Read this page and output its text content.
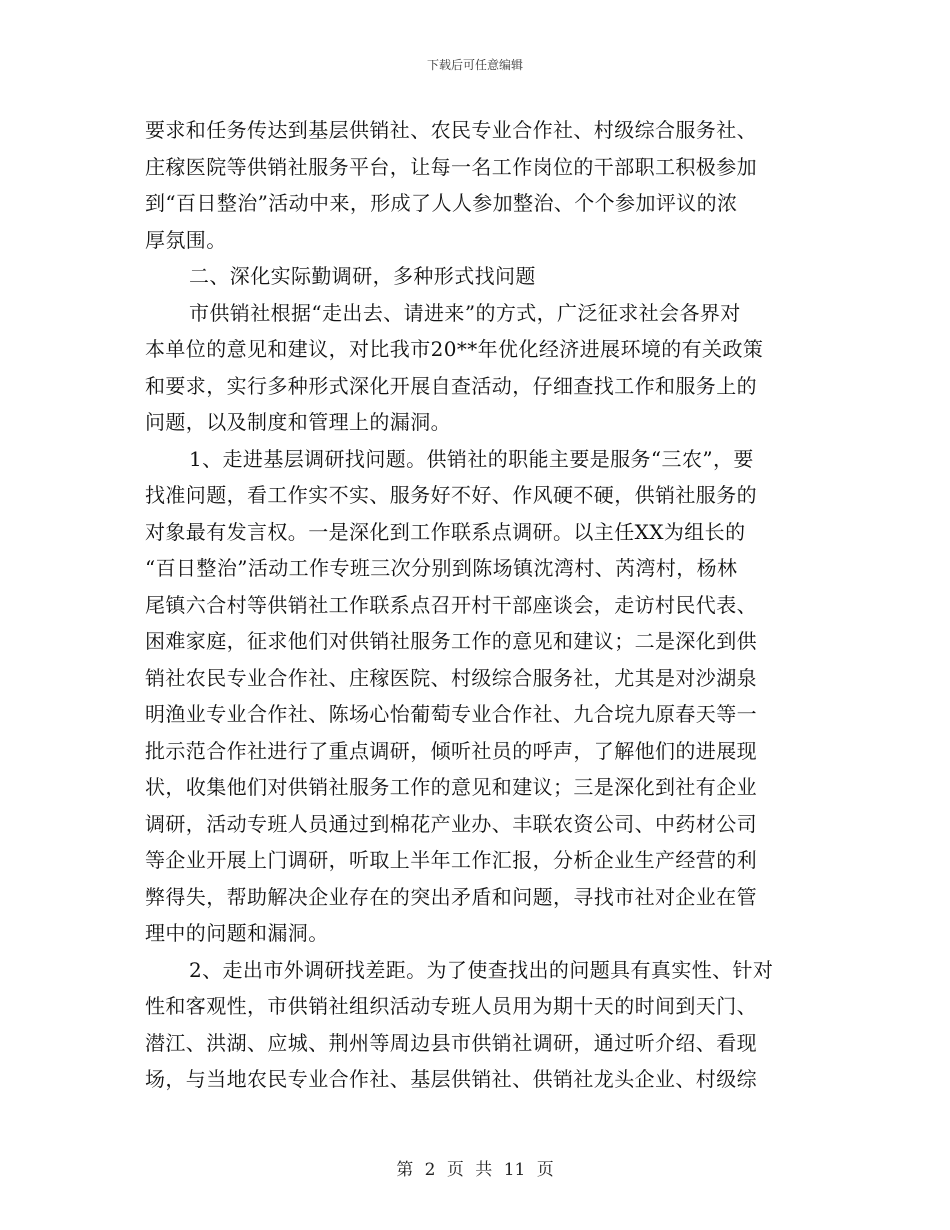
下载后可任意编辑
要求和任务传达到基层供销社、农民专业合作社、村级综合服务社、
庄稼医院等供销社服务平台，让每一名工作岗位的干部职工积极参加
到“百日整治”活动中来，形成了人人参加整治、个个参加评议的浓
厚氛围。
二、深化实际勤调研，多种形式找问题
市供销社根据“走出去、请进来”的方式，广泛征求社会各界对
本单位的意见和建议，对比我市20**年优化经济进展环境的有关政策
和要求，实行多种形式深化开展自查活动，仔细查找工作和服务上的
问题，以及制度和管理上的漏洞。
1、走进基层调研找问题。供销社的职能主要是服务“三农”，要
找准问题，看工作实不实、服务好不好、作风硬不硬，供销社服务的
对象最有发言权。一是深化到工作联系点调研。以主任XX为组长的
“百日整治”活动工作专班三次分别到陈场镇沈湾村、芮湾村，杨林
尾镇六合村等供销社工作联系点召开村干部座谈会，走访村民代表、
困难家庭，征求他们对供销社服务工作的意见和建议；二是深化到供
销社农民专业合作社、庄稼医院、村级综合服务社，尤其是对沙湖泉
明渔业专业合作社、陈场心怡葡萄专业合作社、九合垸九原春天等一
批示范合作社进行了重点调研，倾听社员的呼声，了解他们的进展现
状，收集他们对供销社服务工作的意见和建议；三是深化到社有企业
调研，活动专班人员通过到棉花产业办、丰联农资公司、中药材公司
等企业开展上门调研，听取上半年工作汇报，分析企业生产经营的利
弊得失，帮助解决企业存在的突出矛盾和问题，寻找市社对企业在管
理中的问题和漏洞。
2、走出市外调研找差距。为了使查找出的问题具有真实性、针对
性和客观性，市供销社组织活动专班人员用为期十天的时间到天门、
潜江、洪湖、应城、荆州等周边县市供销社调研，通过听介绍、看现
场，与当地农民专业合作社、基层供销社、供销社龙头企业、村级综
第 2 页 共 11 页
